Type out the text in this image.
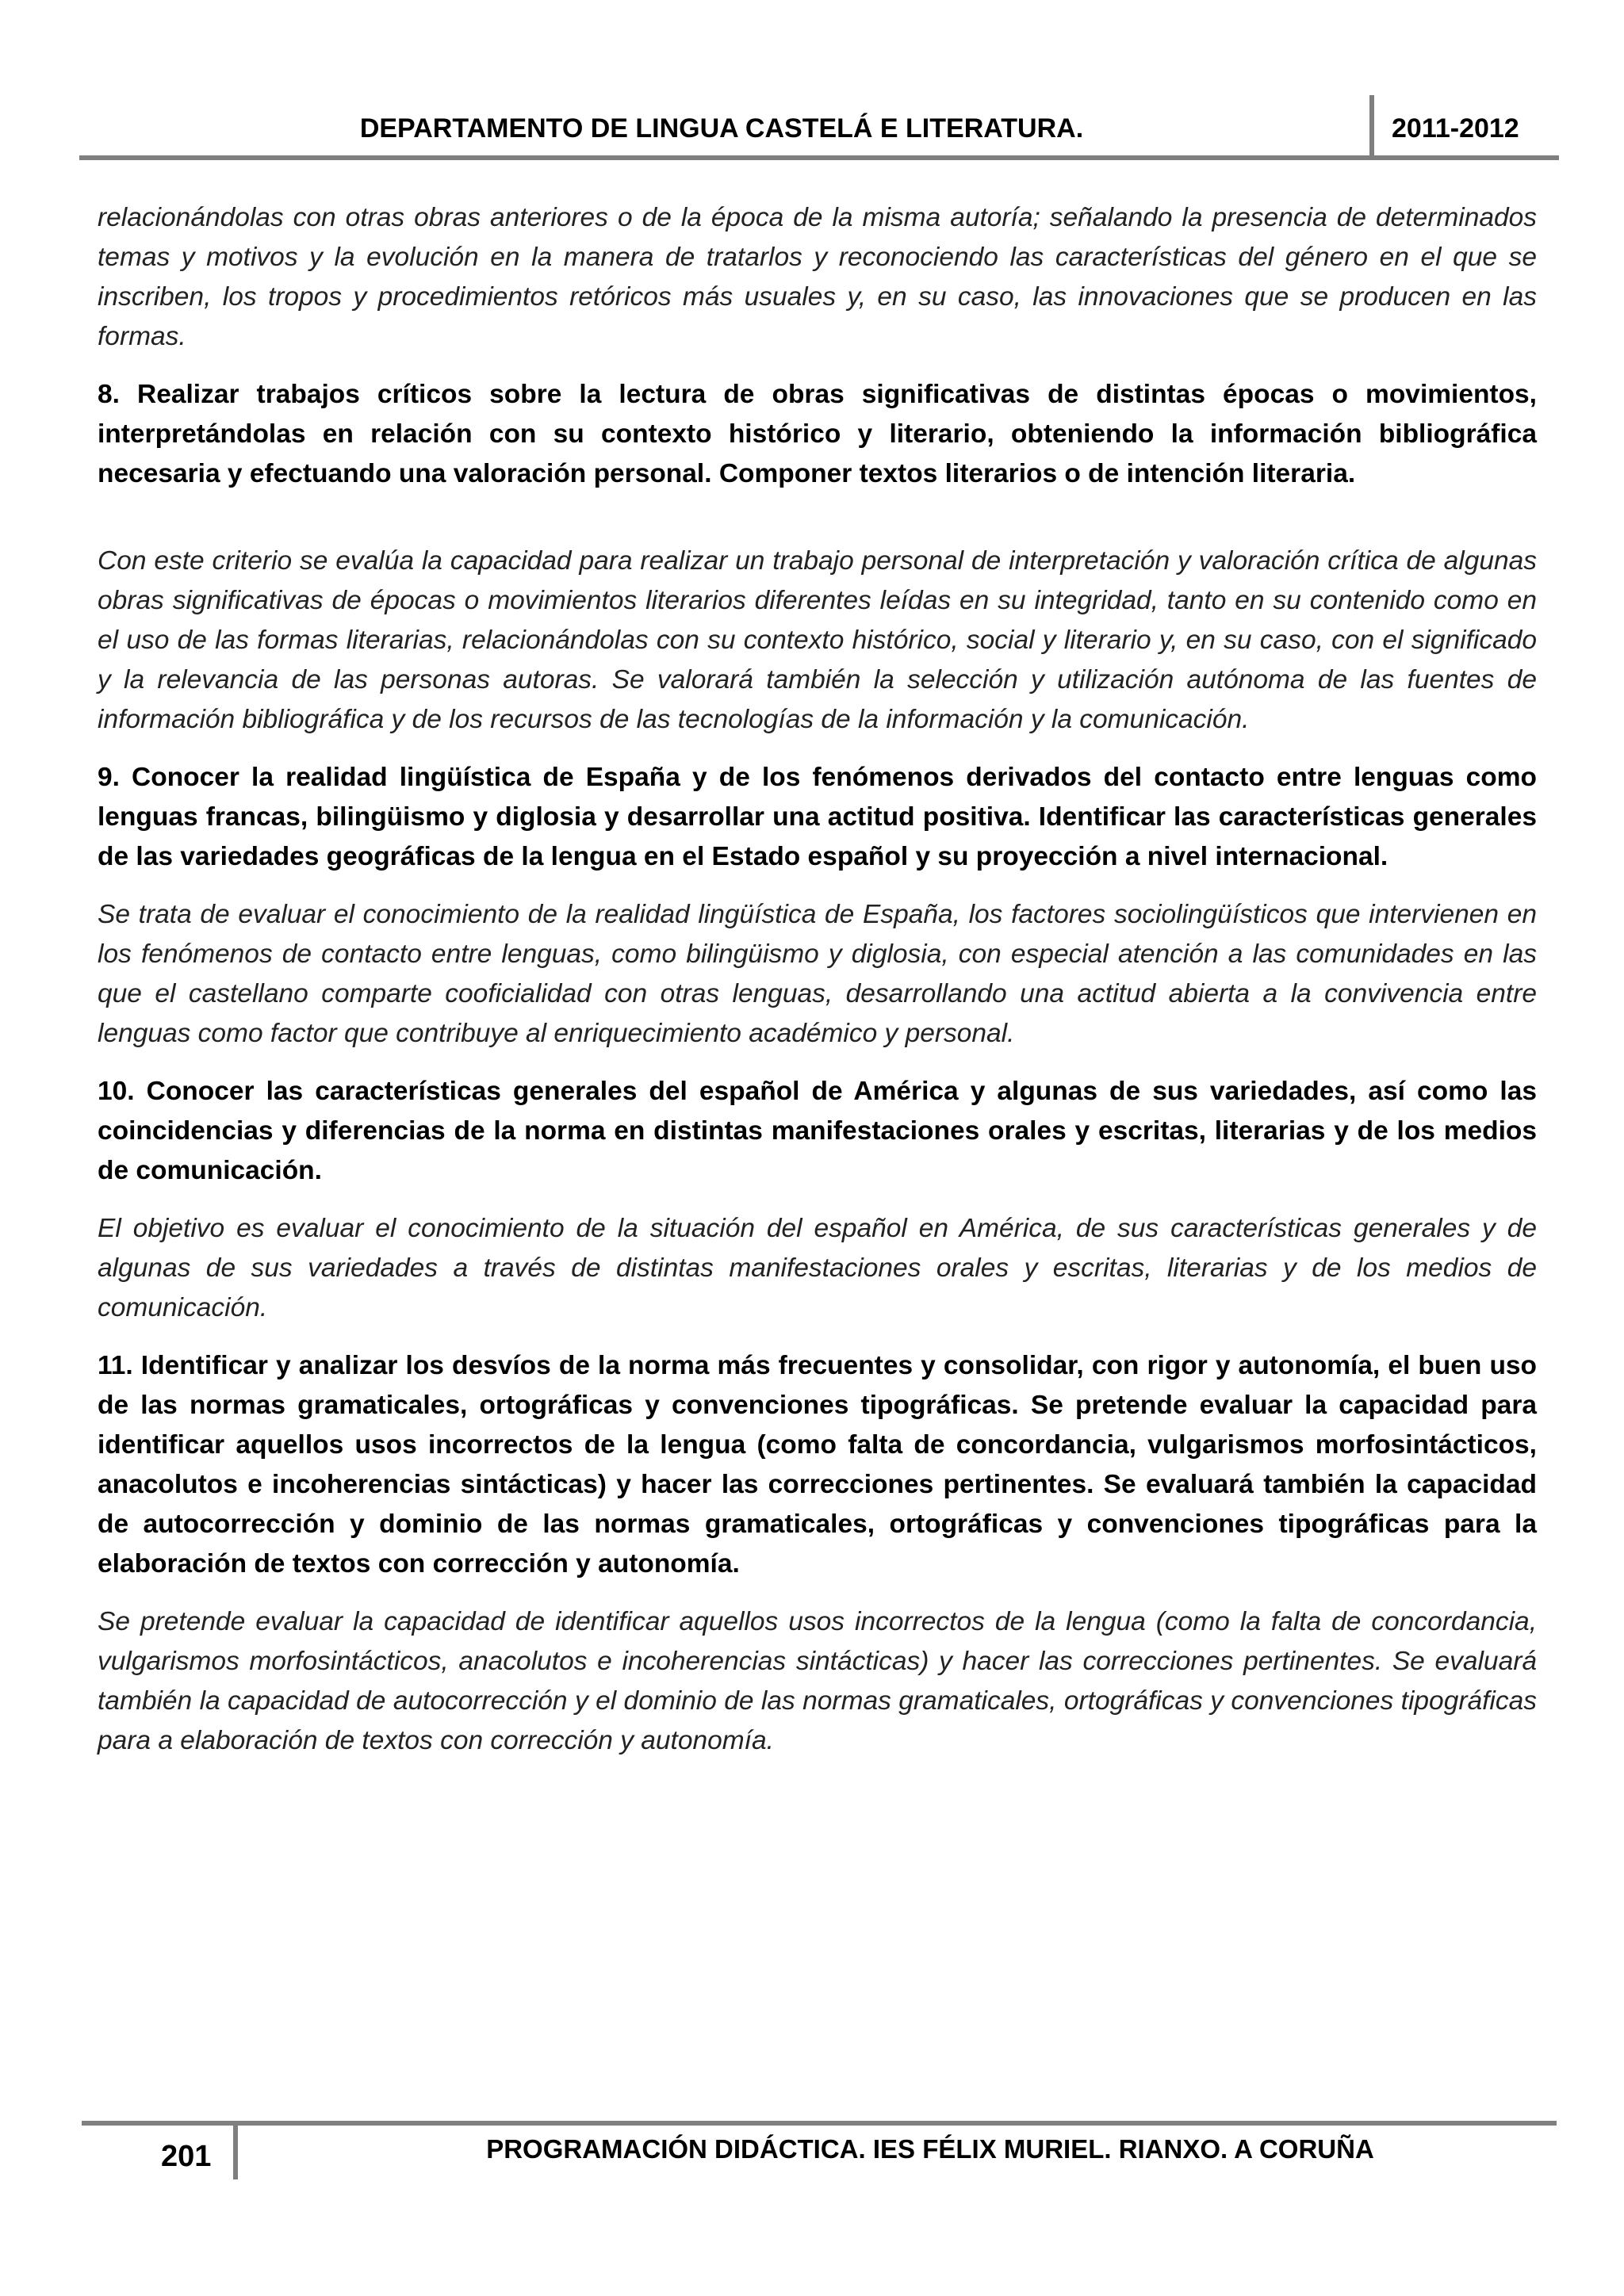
DEPARTAMENTO DE LINGUA CASTELÁ E LITERATURA.	2011-2012

relacionándolas con otras obras anteriores o de la época de la misma autoría; señalando la presencia de determinados temas y motivos y la evolución en la manera de tratarlos y reconociendo las características del género en el que se inscriben, los tropos y procedimientos retóricos más usuales y, en su caso, las innovaciones que se producen en las formas.

8. Realizar trabajos críticos sobre la lectura de obras significativas de distintas épocas o movimientos, interpretándolas en relación con su contexto histórico y literario, obteniendo la información bibliográfica necesaria y efectuando una valoración personal. Componer textos literarios o de intención literaria.

Con este criterio se evalúa la capacidad para realizar un trabajo personal de interpretación y valoración crítica de algunas obras significativas de épocas o movimientos literarios diferentes leídas en su integridad, tanto en su contenido como en el uso de las formas literarias, relacionándolas con su contexto histórico, social y literario y, en su caso, con el significado y la relevancia de las personas autoras. Se valorará también la selección y utilización autónoma de las fuentes de información bibliográfica y de los recursos de las tecnologías de la información y la comunicación.

9. Conocer la realidad lingüística de España y de los fenómenos derivados del contacto entre lenguas como lenguas francas, bilingüismo y diglosia y desarrollar una actitud positiva. Identificar las características generales de las variedades geográficas de la lengua en el Estado español y su proyección a nivel internacional.

Se trata de evaluar el conocimiento de la realidad lingüística de España, los factores sociolingüísticos que intervienen en los fenómenos de contacto entre lenguas, como bilingüismo y diglosia, con especial atención a las comunidades en las que el castellano comparte cooficialidad con otras lenguas, desarrollando una actitud abierta a la convivencia entre lenguas como factor que contribuye al enriquecimiento académico y personal.

10. Conocer las características generales del español de América y algunas de sus variedades, así como las coincidencias y diferencias de la norma en distintas manifestaciones orales y escritas, literarias y de los medios de comunicación.

El objetivo es evaluar el conocimiento de la situación del español en América, de sus características generales y de algunas de sus variedades a través de distintas manifestaciones orales y escritas, literarias y de los medios de comunicación.

11. Identificar y analizar los desvíos de la norma más frecuentes y consolidar, con rigor y autonomía, el buen uso de las normas gramaticales, ortográficas y convenciones tipográficas. Se pretende evaluar la capacidad para identificar aquellos usos incorrectos de la lengua (como falta de concordancia, vulgarismos morfosintácticos, anacolutos e incoherencias sintácticas) y hacer las correcciones pertinentes. Se evaluará también la capacidad de autocorrección y dominio de las normas gramaticales, ortográficas y convenciones tipográficas para la elaboración de textos con corrección y autonomía.

Se pretende evaluar la capacidad de identificar aquellos usos incorrectos de la lengua (como la falta de concordancia, vulgarismos morfosintácticos, anacolutos e incoherencias sintácticas) y hacer las correcciones pertinentes. Se evaluará también la capacidad de autocorrección y el dominio de las normas gramaticales, ortográficas y convenciones tipográficas para a elaboración de textos con corrección y autonomía.

201	PROGRAMACIÓN DIDÁCTICA. IES FÉLIX MURIEL. RIANXO. A CORUÑA
